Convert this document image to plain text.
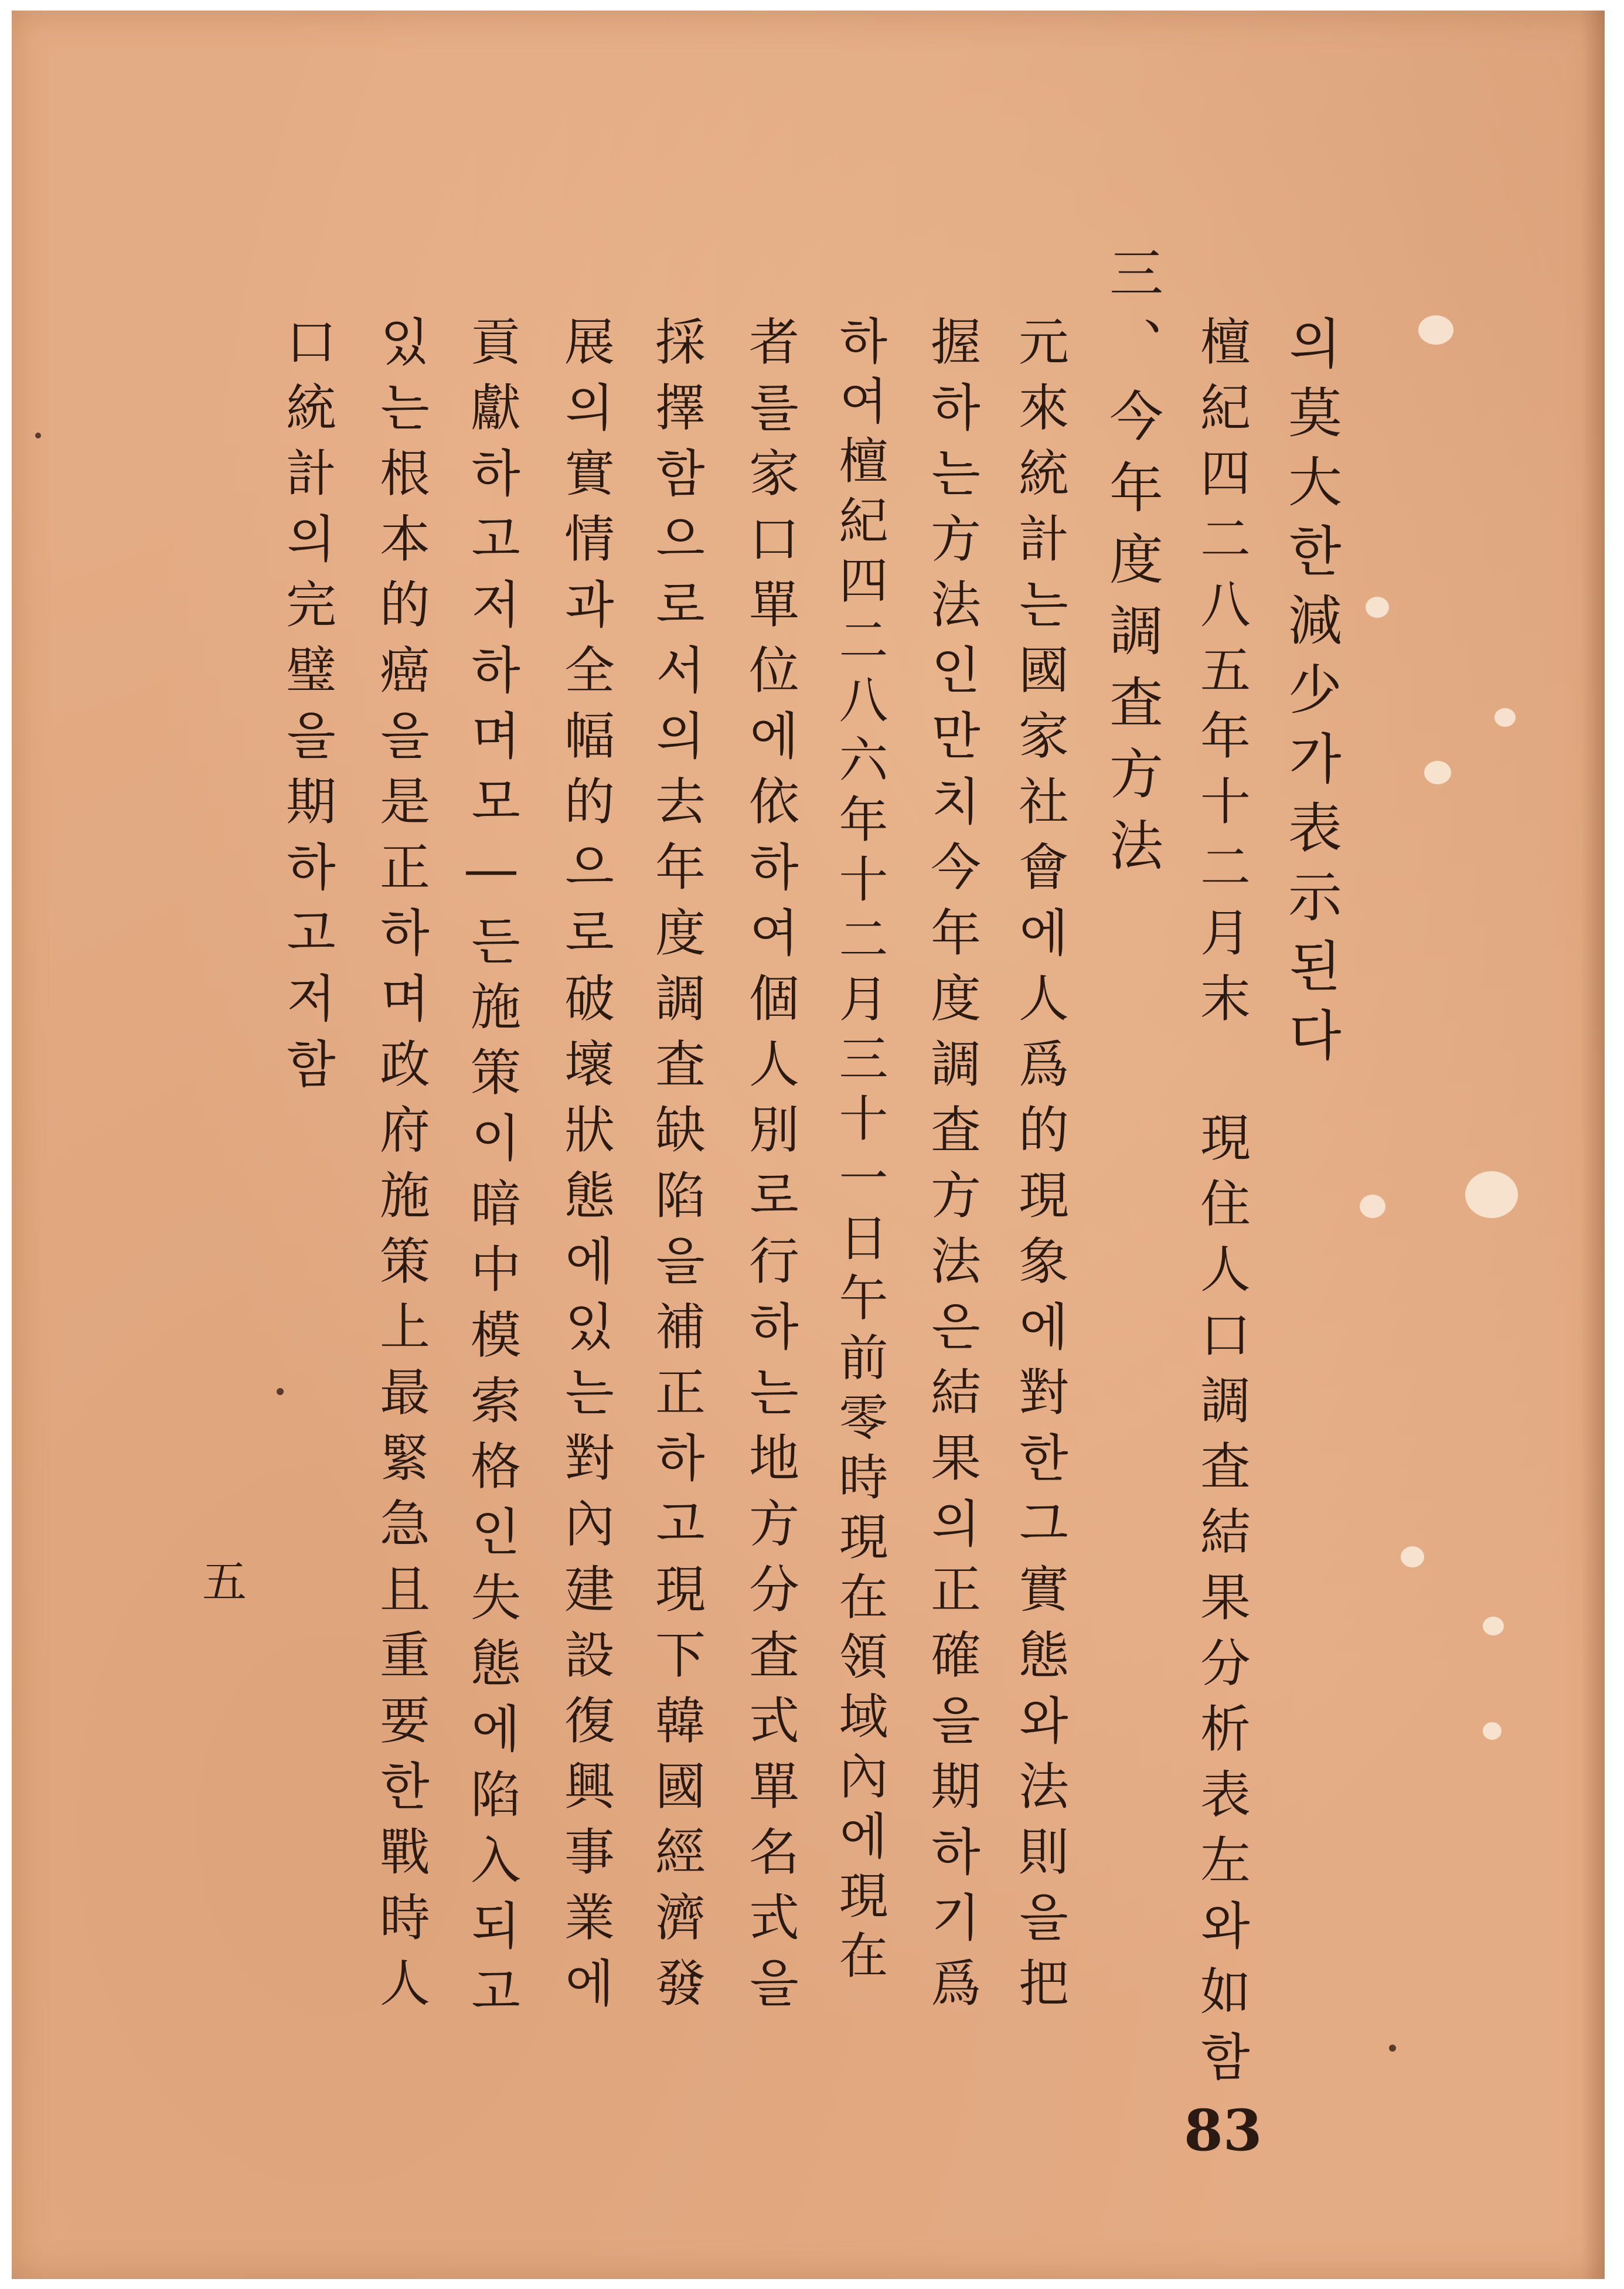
의莫大한減少가表示된다
檀紀四二八五年十二月末 現住人口調査結果分析表左와如함
三、今年度調査方法
元來統計는國家社會에人爲的現象에對한그實態와法則을把
握하는方法인만치今年度調査方法은結果의正確을期하기爲
하여檀紀四二八六年十二月三十一日午前零時現在領域內에現在
者를家口單位에依하여個人別로行하는地方分査式單名式을
採擇함으로서의去年度調査缺陷을補正하고現下韓國經濟發
展의實情과全幅的으로破壞狀態에있는對內建設復興事業에
貢獻하고저하며모―든施策이暗中模索格인失態에陷入되고
있는根本的癌을是正하며政府施策上最緊急且重要한戰時人
口統計의完璧을期하고저함
83
五
